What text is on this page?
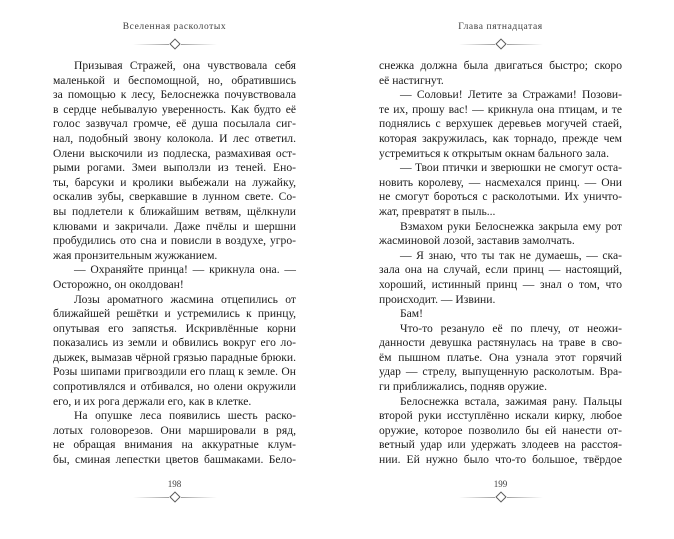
Вселенная расколотых
Призывая Стражей, она чувствовала себя
маленькой и беспомощной, но, обратившись
за помощью к лесу, Белоснежка почувствовала
в сердце небывалую уверенность. Как будто её
голос зазвучал громче, её душа посылала сиг-
нал, подобный звону колокола. И лес ответил.
Олени выскочили из подлеска, размахивая ост-
рыми рогами. Змеи выползли из теней. Ено-
ты, барсуки и кролики выбежали на лужайку,
оскалив зубы, сверкавшие в лунном свете. Со-
вы подлетели к ближайшим ветвям, щёлкнули
клювами и закричали. Даже пчёлы и шершни
пробудились ото сна и повисли в воздухе, угро-
жая пронзительным жужжанием.
— Охраняйте принца! — крикнула она. —
Осторожно, он околдован!
Лозы ароматного жасмина отцепились от
ближайшей решётки и устремились к принцу,
опутывая его запястья. Искривлённые корни
показались из земли и обвились вокруг его ло-
дыжек, вымазав чёрной грязью парадные брюки.
Розы шипами пригвоздили его плащ к земле. Он
сопротивлялся и отбивался, но олени окружили
его, и их рога держали его, как в клетке.
На опушке леса появились шесть раско-
лотых головорезов. Они маршировали в ряд,
не обращая внимания на аккуратные клум-
бы, сминая лепестки цветов башмаками. Бело-
198
Глава пятнадцатая
снежка должна была двигаться быстро; скоро
её настигнут.
— Соловьи! Летите за Стражами! Позови-
те их, прошу вас! — крикнула она птицам, и те
поднялись с верхушек деревьев могучей стаей,
которая закружилась, как торнадо, прежде чем
устремиться к открытым окнам бального зала.
— Твои птички и зверюшки не смогут оста-
новить королеву, — насмехался принц. — Они
не смогут бороться с расколотыми. Их уничто-
жат, превратят в пыль...
Взмахом руки Белоснежка закрыла ему рот
жасминовой лозой, заставив замолчать.
— Я знаю, что ты так не думаешь, — ска-
зала она на случай, если принц — настоящий,
хороший, истинный принц — знал о том, что
происходит. — Извини.
Бам!
Что-то резануло её по плечу, от неожи-
данности девушка растянулась на траве в сво-
ём пышном платье. Она узнала этот горячий
удар — стрелу, выпущенную расколотым. Вра-
ги приближались, подняв оружие.
Белоснежка встала, зажимая рану. Пальцы
второй руки исступлённо искали кирку, любое
оружие, которое позволило бы ей нанести от-
ветный удар или удержать злодеев на расстоя-
нии. Ей нужно было что-то большое, твёрдое
199
